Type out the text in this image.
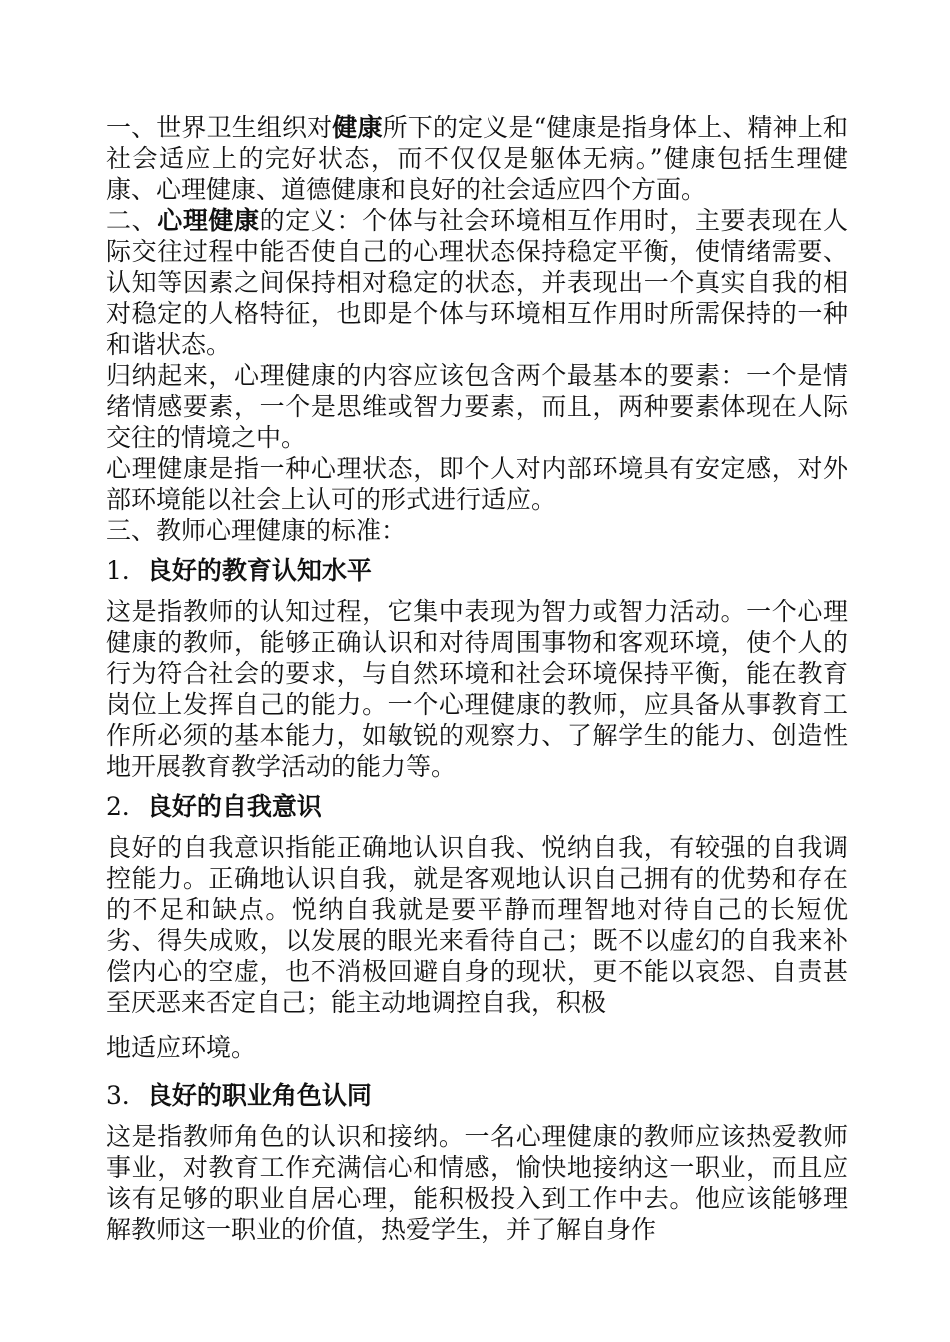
一、世界卫生组织对健康所下的定义是“健康是指身体上、精神上和社会适应上的完好状态，而不仅仅是躯体无病。”健康包括生理健康、心理健康、道德健康和良好的社会适应四个方面。

二、心理健康的定义：个体与社会环境相互作用时，主要表现在人际交往过程中能否使自己的心理状态保持稳定平衡，使情绪需要、认知等因素之间保持相对稳定的状态，并表现出一个真实自我的相对稳定的人格特征，也即是个体与环境相互作用时所需保持的一种和谐状态。

归纳起来，心理健康的内容应该包含两个最基本的要素：一个是情绪情感要素，一个是思维或智力要素，而且，两种要素体现在人际交往的情境之中。

心理健康是指一种心理状态，即个人对内部环境具有安定感，对外部环境能以社会上认可的形式进行适应。

三、教师心理健康的标准：

1．良好的教育认知水平

这是指教师的认知过程，它集中表现为智力或智力活动。一个心理健康的教师，能够正确认识和对待周围事物和客观环境，使个人的行为符合社会的要求，与自然环境和社会环境保持平衡，能在教育岗位上发挥自己的能力。一个心理健康的教师，应具备从事教育工作所必须的基本能力，如敏锐的观察力、了解学生的能力、创造性地开展教育教学活动的能力等。

2．良好的自我意识

良好的自我意识指能正确地认识自我、悦纳自我，有较强的自我调控能力。正确地认识自我，就是客观地认识自己拥有的优势和存在的不足和缺点。悦纳自我就是要平静而理智地对待自己的长短优劣、得失成败，以发展的眼光来看待自己；既不以虚幻的自我来补偿内心的空虚，也不消极回避自身的现状，更不能以哀怨、自责甚至厌恶来否定自己；能主动地调控自我，积极

地适应环境。

3．良好的职业角色认同

这是指教师角色的认识和接纳。一名心理健康的教师应该热爱教师事业，对教育工作充满信心和情感，愉快地接纳这一职业，而且应该有足够的职业自居心理，能积极投入到工作中去。他应该能够理解教师这一职业的价值，热爱学生，并了解自身作
